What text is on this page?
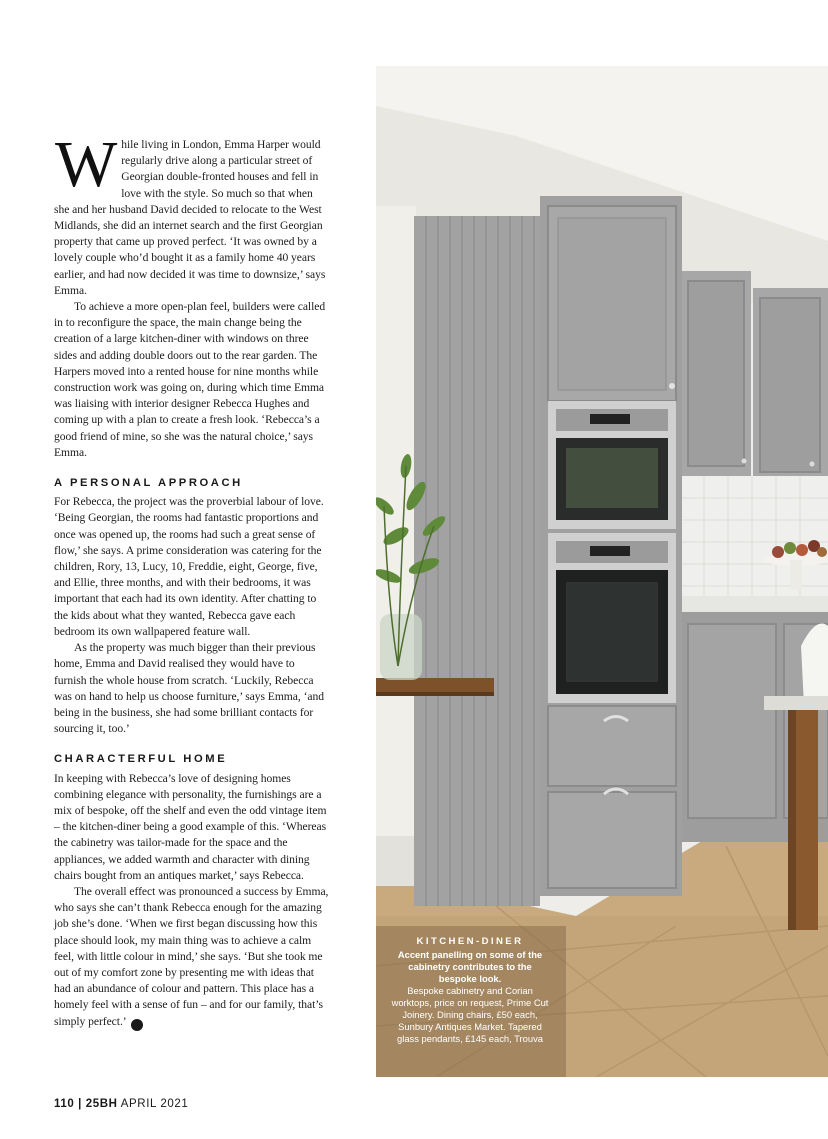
While living in London, Emma Harper would regularly drive along a particular street of Georgian double-fronted houses and fell in love with the style. So much so that when she and her husband David decided to relocate to the West Midlands, she did an internet search and the first Georgian property that came up proved perfect. ‘It was owned by a lovely couple who’d bought it as a family home 40 years earlier, and had now decided it was time to downsize,’ says Emma.

To achieve a more open-plan feel, builders were called in to reconfigure the space, the main change being the creation of a large kitchen-diner with windows on three sides and adding double doors out to the rear garden. The Harpers moved into a rented house for nine months while construction work was going on, during which time Emma was liaising with interior designer Rebecca Hughes and coming up with a plan to create a fresh look. ‘Rebecca’s a good friend of mine, so she was the natural choice,’ says Emma.

A PERSONAL APPROACH

For Rebecca, the project was the proverbial labour of love. ‘Being Georgian, the rooms had fantastic proportions and once was opened up, the rooms had such a great sense of flow,’ she says. A prime consideration was catering for the children, Rory, 13, Lucy, 10, Freddie, eight, George, five, and Ellie, three months, and with their bedrooms, it was important that each had its own identity. After chatting to the kids about what they wanted, Rebecca gave each bedroom its own wallpapered feature wall.

As the property was much bigger than their previous home, Emma and David realised they would have to furnish the whole house from scratch. ‘Luckily, Rebecca was on hand to help us choose furniture,’ says Emma, ‘and being in the business, she had some brilliant contacts for sourcing it, too.’

CHARACTERFUL HOME

In keeping with Rebecca’s love of designing homes combining elegance with personality, the furnishings are a mix of bespoke, off the shelf and even the odd vintage item – the kitchen-diner being a good example of this. ‘Whereas the cabinetry was tailor-made for the space and the appliances, we added warmth and character with dining chairs bought from an antiques market,’ says Rebecca.

The overall effect was pronounced a success by Emma, who says she can’t thank Rebecca enough for the amazing job she’s done. ‘When we first began discussing how this place should look, my main thing was to achieve a calm feel, with little colour in mind,’ she says. ‘But she took me out of my comfort zone by presenting me with ideas that had an abundance of colour and pattern. This place has a homely feel with a sense of fun – and for our family, that’s simply perfect.’	25

110 | 25BH APRIL 2021
KITCHEN-DINER
Accent panelling on some of the cabinetry contributes to the bespoke look.
Bespoke cabinetry and Corian worktops, price on request, Prime Cut Joinery. Dining chairs, £50 each, Sunbury Antiques Market. Tapered glass pendants, £145 each, Trouva
